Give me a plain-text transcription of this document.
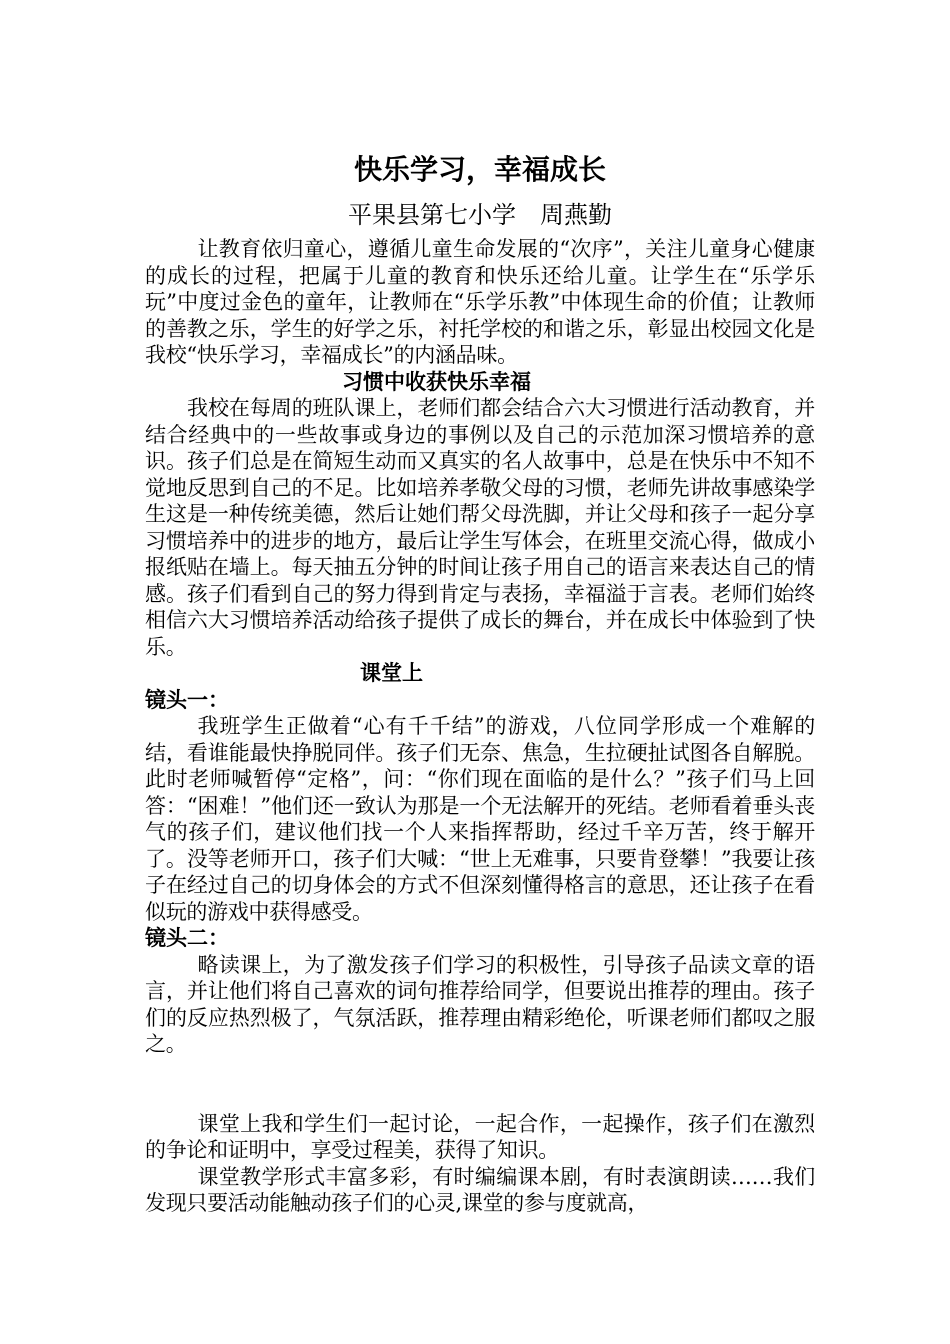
快乐学习，幸福成长

平果县第七小学　周燕勤

让教育依归童心，遵循儿童生命发展的“次序”，关注儿童身心健康的成长的过程，把属于儿童的教育和快乐还给儿童。让学生在“乐学乐玩”中度过金色的童年，让教师在“乐学乐教”中体现生命的价值；让教师的善教之乐，学生的好学之乐，衬托学校的和谐之乐，彰显出校园文化是我校“快乐学习，幸福成长”的内涵品味。

习惯中收获快乐幸福

我校在每周的班队课上，老师们都会结合六大习惯进行活动教育，并结合经典中的一些故事或身边的事例以及自己的示范加深习惯培养的意识。孩子们总是在简短生动而又真实的名人故事中，总是在快乐中不知不觉地反思到自己的不足。比如培养孝敬父母的习惯，老师先讲故事感染学生这是一种传统美德，然后让她们帮父母洗脚，并让父母和孩子一起分享习惯培养中的进步的地方，最后让学生写体会，在班里交流心得，做成小报纸贴在墙上。每天抽五分钟的时间让孩子用自己的语言来表达自己的情感。孩子们看到自己的努力得到肯定与表扬，幸福溢于言表。老师们始终相信六大习惯培养活动给孩子提供了成长的舞台，并在成长中体验到了快乐。

课堂上

镜头一：

我班学生正做着“心有千千结”的游戏，八位同学形成一个难解的结，看谁能最快挣脱同伴。孩子们无奈、焦急，生拉硬扯试图各自解脱。此时老师喊暂停“定格”，问：“你们现在面临的是什么？”孩子们马上回答：“困难！”他们还一致认为那是一个无法解开的死结。老师看着垂头丧气的孩子们，建议他们找一个人来指挥帮助，经过千辛万苦，终于解开了。没等老师开口，孩子们大喊：“世上无难事，只要肯登攀！”我要让孩子在经过自己的切身体会的方式不但深刻懂得格言的意思，还让孩子在看似玩的游戏中获得感受。

镜头二：

略读课上，为了激发孩子们学习的积极性，引导孩子品读文章的语言，并让他们将自己喜欢的词句推荐给同学，但要说出推荐的理由。孩子们的反应热烈极了，气氛活跃，推荐理由精彩绝伦，听课老师们都叹之服之。

课堂上我和学生们一起讨论，一起合作，一起操作，孩子们在激烈的争论和证明中，享受过程美，获得了知识。

课堂教学形式丰富多彩，有时编编课本剧，有时表演朗读……我们发现只要活动能触动孩子们的心灵,课堂的参与度就高，
